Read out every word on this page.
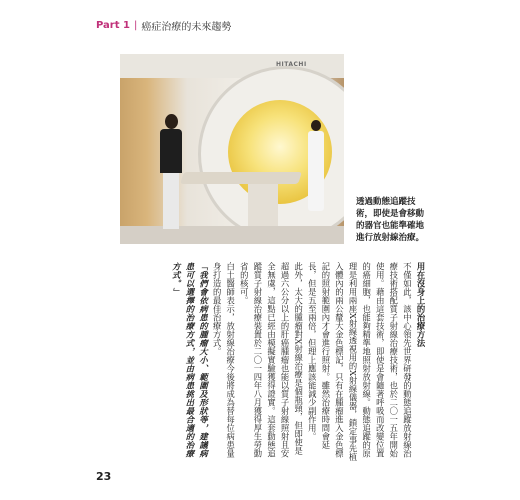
Part 1 | 癌症治療的未來趨勢
HITACHI
透過動態追蹤技術，即使是會移動的器官也能準確地進行放射線治療。

用在沒身上的治療方法

不僅如此，該中心領先世界研發的動態追蹤放射線治療技術搭配質子射線治療技術，也於二〇一五年開始使用。藉由這套技術，即使是會隨著呼吸而改變位置的癌細胞，也能夠精準地照射放射線。動態追蹤的原理是利用兩座X射線透視用的X射線儀器，鎖定事先植入體內的兩公釐大金色標記，只有在腫瘤進入金色標記的照射範圍內才會進行照射。雖然治療時間會延長，但是五至兩倍，但理上應該能減少副作用。

此外，太大的腫瘤對X射線治療是個瓶頸，但即使是超過六公分以上的肝癌腫瘤也能以質子射線照射且安全無虞，這點已經由模擬實驗獲得證實。這套動態追蹤質子射線治療裝置於二〇一四年八月獲得厚生勞動省的核可。

白土醫師表示，放射線治療今後將成為替每位病患量身打造的最佳治療方式。

「我們會依病患的腫瘤大小、範圍及形狀等，建議病患可以選擇的治療方式，並由病患挑出最合適的治療方式。」

23
